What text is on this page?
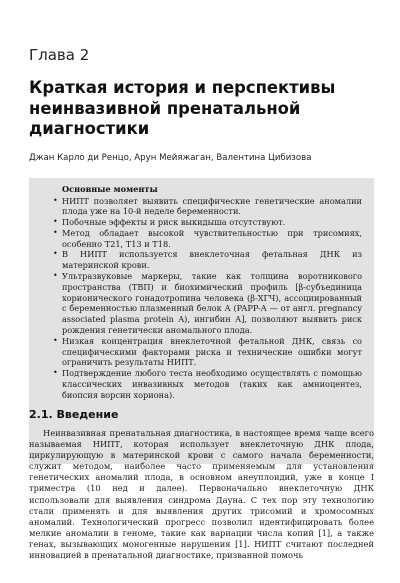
Глава 2
Краткая история и перспективы неинвазивной пренатальной диагностики
Джан Карло ди Ренцо, Арун Мейяжаган, Валентина Цибизова
Основные моменты
• НИПТ позволяет выявить специфические генетические аномалии плода уже на 10-й неделе беременности.
• Побочные эффекты и риск выкидыша отсутствуют.
• Метод обладает высокой чувствительностью при трисомиях, особенно Т21, Т13 и Т18.
• В НИПТ используется внеклеточная фетальная ДНК из материнской крови.
• Ультразвуковые маркеры, такие как толщина воротникового пространства (ТВП) и биохимический профиль [β-субъединица хорионического гонадотропина человека (β-ХГЧ), ассоциированный с беременностью плазменный белок А (PAPP-А — от англ. pregnancy associated plasma protein A), ингибин А], позволяют выявить риск рождения генетически аномального плода.
• Низкая концентрация внеклеточной фетальной ДНК, связь со специфическими факторами риска и технические ошибки могут ограничить результаты НИПТ.
• Подтверждение любого теста необходимо осуществлять с помощью классических инвазивных методов (таких как амниоцентез, биопсия ворсин хориона).
2.1. Введение

Неинвазивная пренатальная диагностика, в настоящее время чаще всего называемая НИПТ, которая использует внеклеточную ДНК плода, циркулирующую в материнской крови с самого начала беременности, служит методом, наиболее часто применяемым для установления генетических аномалий плода, в основном анеуплоидий, уже в конце I триместра (10 нед и далее). Первоначально внеклеточную ДНК использовали для выявления синдрома Дауна. С тех пор эту технологию стали применять и для выявления других трисомий и хромосомных аномалий. Технологический прогресс позволил идентифицировать более мелкие аномалии в геноме, такие как вариации числа копий [1], а также генах, вызывающих моногенные нарушения [1]. НИПТ считают последней инновацией в пренатальной диагностике, призванной помочь
